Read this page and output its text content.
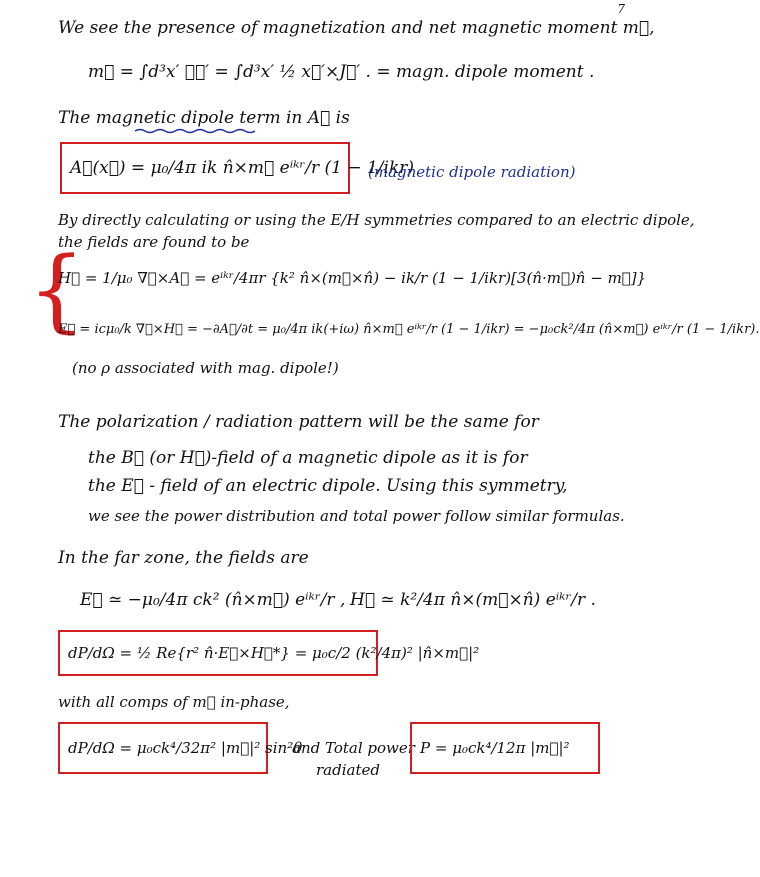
7
We see the presence of magnetization and net magnetic moment m⃗,
m⃗ = ∫d³x′ 𝓜⃗′ = ∫d³x′ ½ x⃗′×J⃗′ . = magn. dipole moment .
The magnetic dipole term in A⃗ is
A⃗(x⃗) = μ₀/4π ik n̂×m⃗ eⁱᵏʳ/r (1 − 1/ikr)
(magnetic dipole radiation)
By directly calculating or using the E/H symmetries compared to an electric dipole,
the fields are found to be
{
H⃗ = 1/μ₀ ∇⃗×A⃗ = eⁱᵏʳ/4πr {k² n̂×(m⃗×n̂) − ik/r (1 − 1/ikr)[3(n̂·m⃗)n̂ − m⃗]}
E⃗ = icμ₀/k ∇⃗×H⃗ = −∂A⃗/∂t = μ₀/4π ik(+iω) n̂×m⃗ eⁱᵏʳ/r (1 − 1/ikr) = −μ₀ck²/4π (n̂×m⃗) eⁱᵏʳ/r (1 − 1/ikr).
(no ρ associated with mag. dipole!)
The polarization / radiation pattern will be the same for
the B⃗ (or H⃗)-field of a magnetic dipole as it is for
the E⃗ - field of an electric dipole. Using this symmetry,
we see the power distribution and total power follow similar formulas.
In the far zone, the fields are
E⃗ ≃ −μ₀/4π ck² (n̂×m⃗) eⁱᵏʳ/r , H⃗ ≃ k²/4π n̂×(m⃗×n̂) eⁱᵏʳ/r .
dP/dΩ = ½ Re{r² n̂·E⃗×H⃗*} = μ₀c/2 (k²/4π)² |n̂×m⃗|²
with all comps of m⃗ in-phase,
dP/dΩ = μ₀ck⁴/32π² |m⃗|² sin²θ
and Total power
radiated
P = μ₀ck⁴/12π |m⃗|²
